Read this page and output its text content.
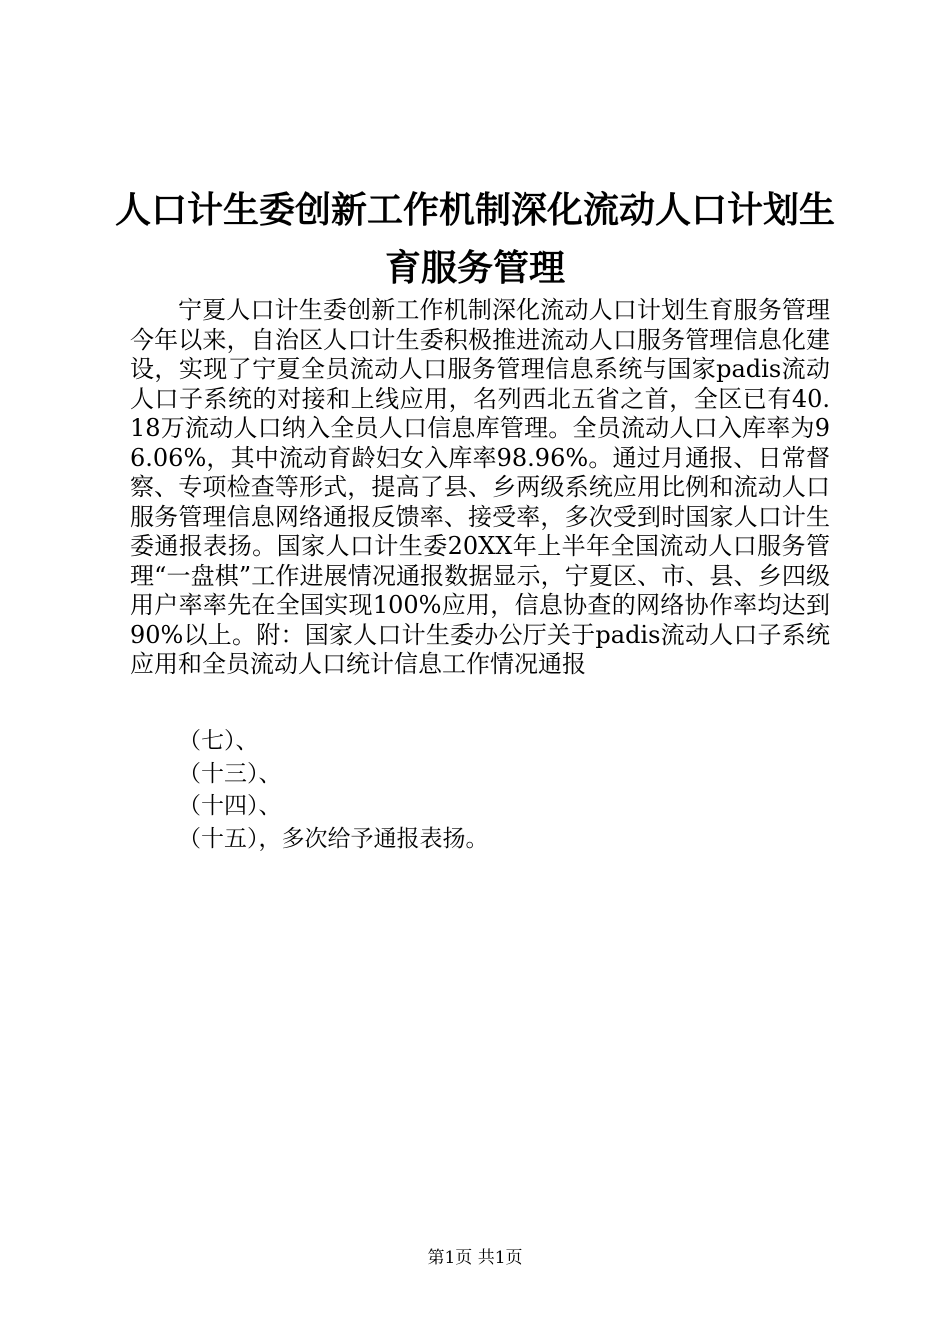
人口计生委创新工作机制深化流动人口计划生
育服务管理

宁夏人口计生委创新工作机制深化流动人口计划生育服务管理今年以来，自治区人口计生委积极推进流动人口服务管理信息化建设，实现了宁夏全员流动人口服务管理信息系统与国家padis流动人口子系统的对接和上线应用，名列西北五省之首，全区已有40.18万流动人口纳入全员人口信息库管理。全员流动人口入库率为96.06%，其中流动育龄妇女入库率98.96%。通过月通报、日常督察、专项检查等形式，提高了县、乡两级系统应用比例和流动人口服务管理信息网络通报反馈率、接受率，多次受到时国家人口计生委通报表扬。国家人口计生委20XX年上半年全国流动人口服务管理“一盘棋”工作进展情况通报数据显示，宁夏区、市、县、乡四级用户率率先在全国实现100%应用，信息协查的网络协作率均达到90%以上。附：国家人口计生委办公厅关于padis流动人口子系统应用和全员流动人口统计信息工作情况通报

（七）、
（十三）、
（十四）、
（十五），多次给予通报表扬。
第1页 共1页
